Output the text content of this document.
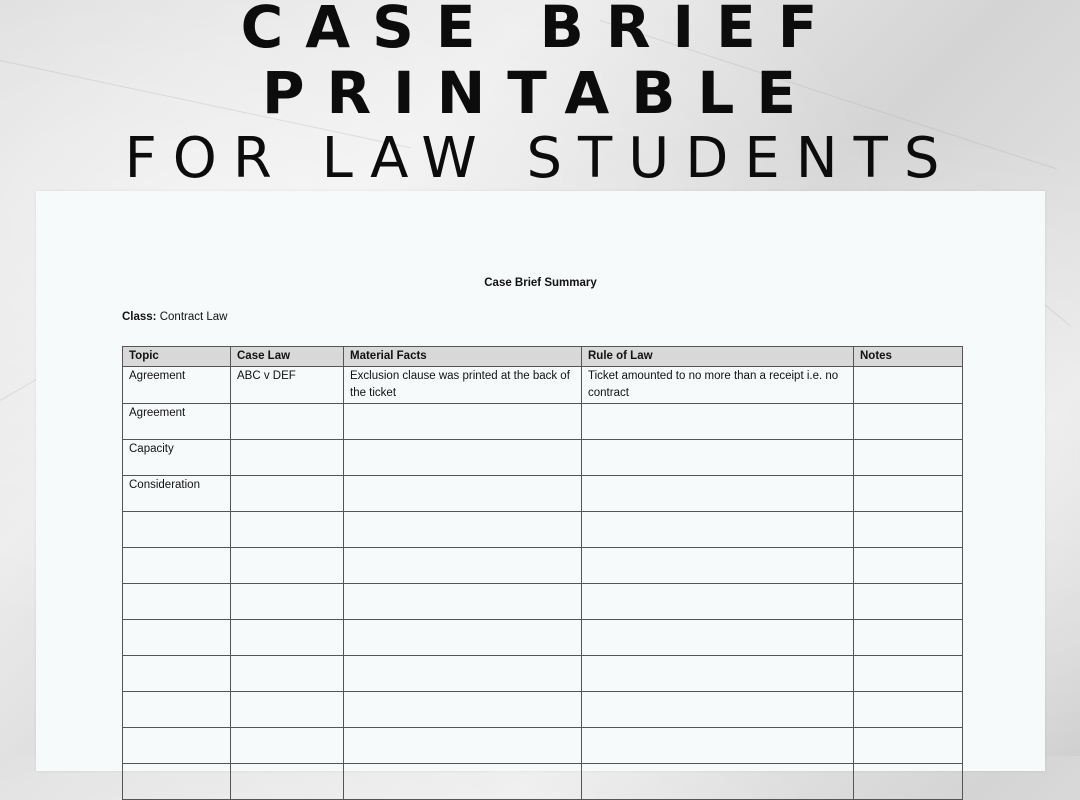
CASE BRIEF
PRINTABLE
FOR LAW STUDENTS
Case Brief Summary
Class: Contract Law
Topic	Case Law	Material Facts	Rule of Law	Notes
Agreement	ABC v DEF	Exclusion clause was printed at the back of the ticket	Ticket amounted to no more than a receipt i.e. no contract	
Agreement				
Capacity				
Consideration				
